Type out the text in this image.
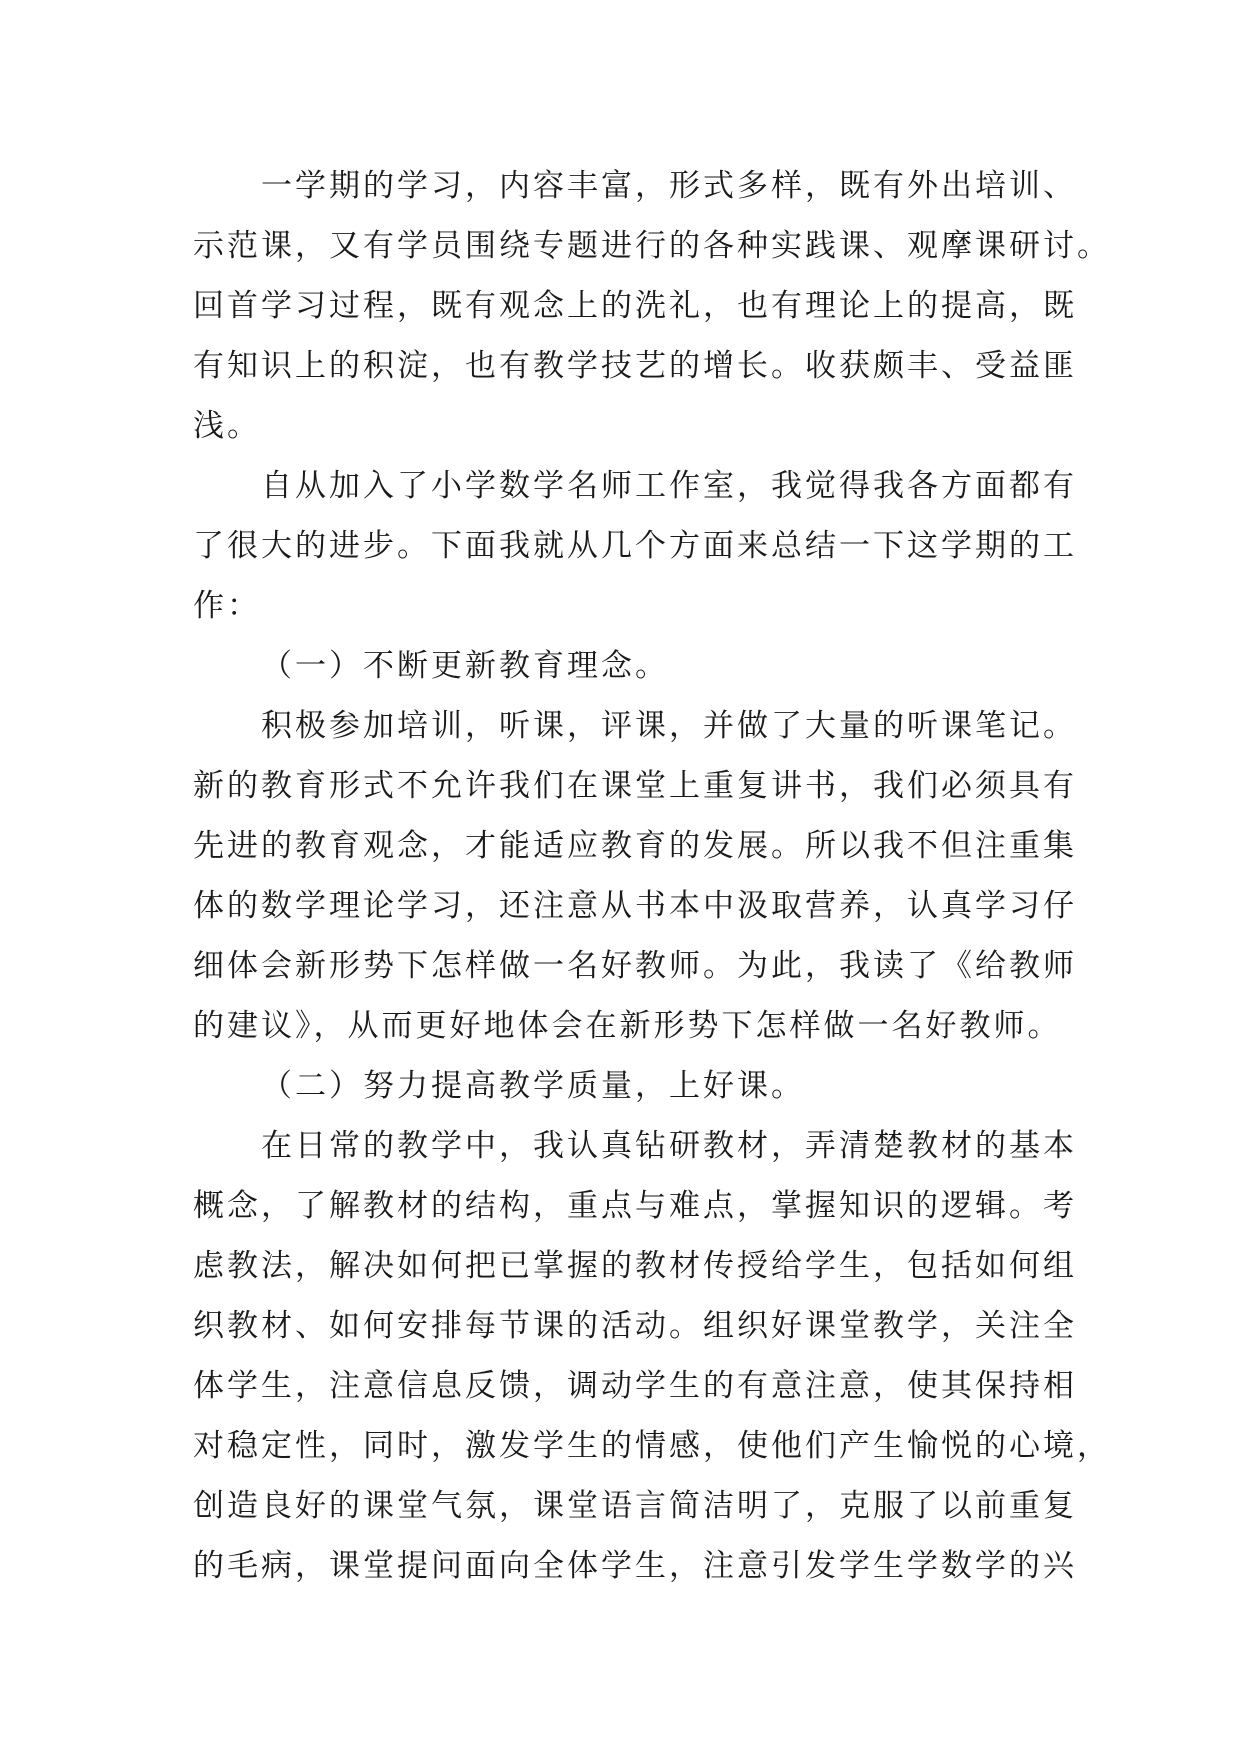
一学期的学习，内容丰富，形式多样，既有外出培训、
示范课，又有学员围绕专题进行的各种实践课、观摩课研讨。
回首学习过程，既有观念上的洗礼，也有理论上的提高，既
有知识上的积淀，也有教学技艺的增长。收获颇丰、受益匪
浅。
自从加入了小学数学名师工作室，我觉得我各方面都有
了很大的进步。下面我就从几个方面来总结一下这学期的工
作：
（一）不断更新教育理念。
积极参加培训，听课，评课，并做了大量的听课笔记。
新的教育形式不允许我们在课堂上重复讲书，我们必须具有
先进的教育观念，才能适应教育的发展。所以我不但注重集
体的数学理论学习，还注意从书本中汲取营养，认真学习仔
细体会新形势下怎样做一名好教师。为此，我读了《给教师
的建议》，从而更好地体会在新形势下怎样做一名好教师。
（二）努力提高教学质量，上好课。
在日常的教学中，我认真钻研教材，弄清楚教材的基本
概念，了解教材的结构，重点与难点，掌握知识的逻辑。考
虑教法，解决如何把已掌握的教材传授给学生，包括如何组
织教材、如何安排每节课的活动。组织好课堂教学，关注全
体学生，注意信息反馈，调动学生的有意注意，使其保持相
对稳定性，同时，激发学生的情感，使他们产生愉悦的心境，
创造良好的课堂气氛，课堂语言简洁明了，克服了以前重复
的毛病，课堂提问面向全体学生，注意引发学生学数学的兴
